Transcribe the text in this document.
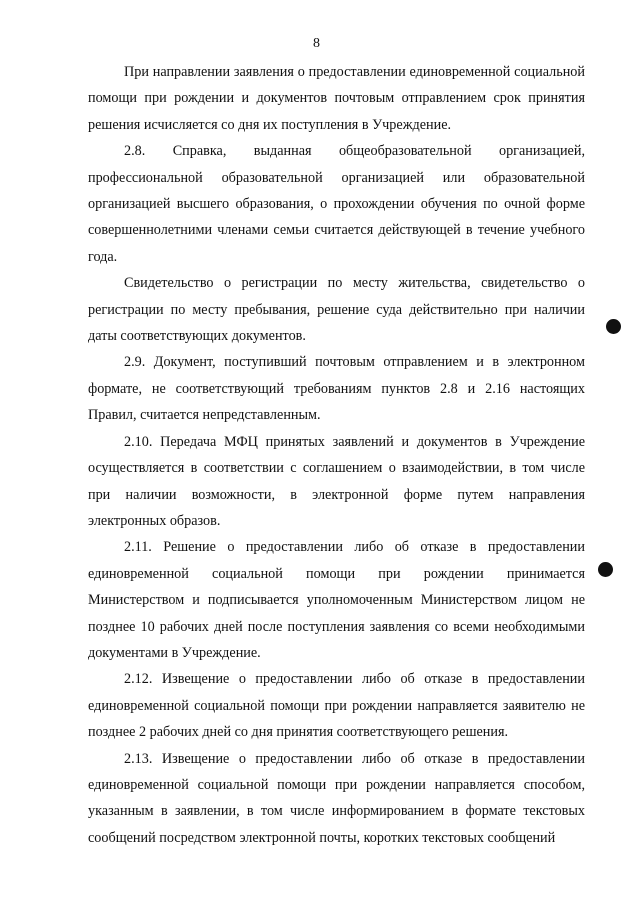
8

При направлении заявления о предоставлении единовременной социальной помощи при рождении и документов почтовым отправлением срок принятия решения исчисляется со дня их поступления в Учреждение.

2.8. Справка, выданная общеобразовательной организацией, профессиональной образовательной организацией или образовательной организацией высшего образования, о прохождении обучения по очной форме совершеннолетними членами семьи считается действующей в течение учебного года.

Свидетельство о регистрации по месту жительства, свидетельство о регистрации по месту пребывания, решение суда действительно при наличии даты соответствующих документов.

2.9. Документ, поступивший почтовым отправлением и в электронном формате, не соответствующий требованиям пунктов 2.8 и 2.16 настоящих Правил, считается непредставленным.

2.10. Передача МФЦ принятых заявлений и документов в Учреждение осуществляется в соответствии с соглашением о взаимодействии, в том числе при наличии возможности, в электронной форме путем направления электронных образов.

2.11. Решение о предоставлении либо об отказе в предоставлении единовременной социальной помощи при рождении принимается Министерством и подписывается уполномоченным Министерством лицом не позднее 10 рабочих дней после поступления заявления со всеми необходимыми документами в Учреждение.

2.12. Извещение о предоставлении либо об отказе в предоставлении единовременной социальной помощи при рождении направляется заявителю не позднее 2 рабочих дней со дня принятия соответствующего решения.

2.13. Извещение о предоставлении либо об отказе в предоставлении единовременной социальной помощи при рождении направляется способом, указанным в заявлении, в том числе информированием в формате текстовых сообщений посредством электронной почты, коротких текстовых сообщений
